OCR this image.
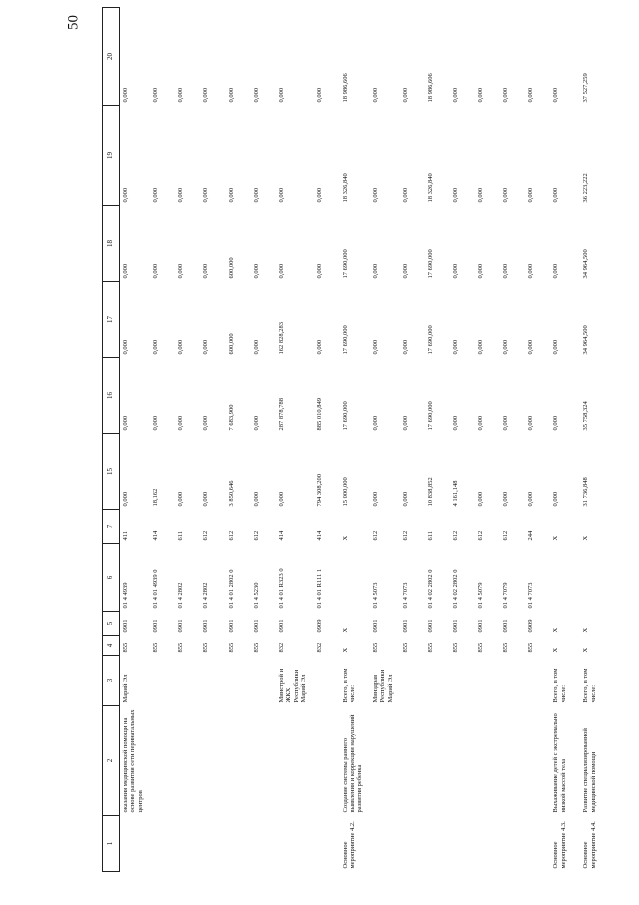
50
1	2	3	4	5	6	7	15	16	17	18	19	20
	оказания медицинской помощи на основе развития сети перинатальных центров	Марий Эл	855	0901	01 4 4939	411	0,000	0,000	0,000	0,000	0,000	0,000
			855	0901	01 4 01 4939 0	414	18,162	0,000	0,000	0,000	0,000	0,000
			855	0901	01 4 2802	611	0,000	0,000	0,000	0,000	0,000	0,000
			855	0901	01 4 2802	612	0,000	0,000	0,000	0,000	0,000	0,000
			855	0901	01 4 01 2802 0	612	3 850,646	7 683,900	600,000	600,000	0,000	0,000
			855	0901	01 4 5230	612	0,000	0,000	0,000	0,000	0,000	0,000
		Минстрой и ЖКХ Республики Марий Эл	832	0901	01 4 01 R323 0	414	0,000	287 878,788	162 828,283	0,000	0,000	0,000
			832	0909	01 4 01 R111 1	414	794 308,200	885 010,849	0,000	0,000	0,000	0,000
Основное мероприятие 4.2.	Создание системы раннего выявления и коррекции нарушений развития ребенка	Всего, в том числе:	X	X		X	15 000,000	17 690,000	17 690,000	17 690,000	18 326,840	18 986,606
		Минздрав Республики Марий Эл	855	0901	01 4 5073	612	0,000	0,000	0,000	0,000	0,000	0,000
			855	0901	01 4 7073	612	0,000	0,000	0,000	0,000	0,000	0,000
			855	0901	01 4 02 2802 0	611	10 838,852	17 690,000	17 690,000	17 690,000	18 326,840	18 986,606
			855	0901	01 4 02 2802 0	612	4 161,148	0,000	0,000	0,000	0,000	0,000
			855	0901	01 4 5079	612	0,000	0,000	0,000	0,000	0,000	0,000
			855	0901	01 4 7079	612	0,000	0,000	0,000	0,000	0,000	0,000
			855	0909	01 4 7073	244	0,000	0,000	0,000	0,000	0,000	0,000
Основное мероприятие 4.3.	Выхаживание детей с экстремально низкой массой тела	Всего, в том числе:	X	X		X	0,000	0,000	0,000	0,000	0,000	0,000
Основное мероприятие 4.4.	Развитие специализированной медицинской помощи	Всего, в том числе:	X	X		X	31 736,848	35 758,324	34 964,500	34 964,500	36 223,222	37 527,259
